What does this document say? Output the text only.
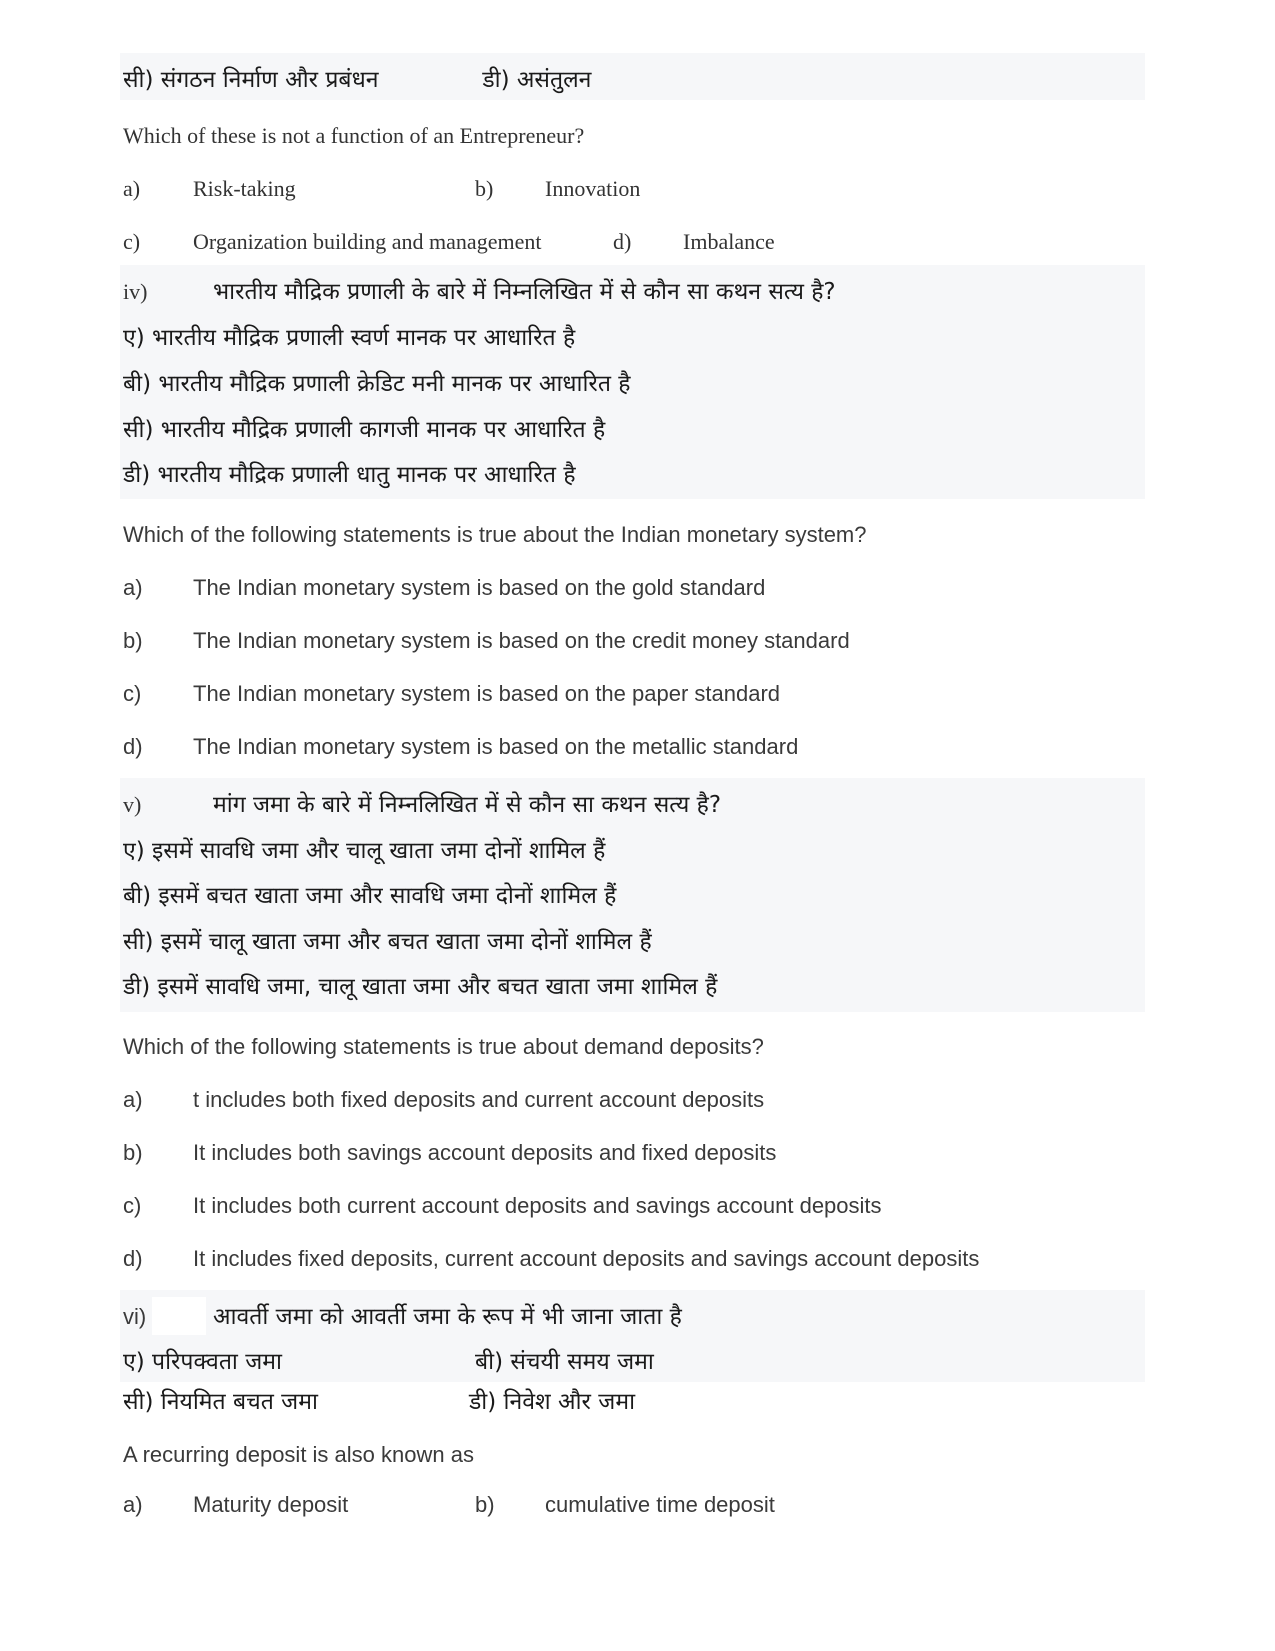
सी) संगठन निर्माण और प्रबंधन	डी) असंतुलन
Which of these is not a function of an Entrepreneur?
a) Risk-taking	b) Innovation
c) Organization building and management	d) Imbalance
iv)	भारतीय मौद्रिक प्रणाली के बारे में निम्नलिखित में से कौन सा कथन सत्य है?
ए) भारतीय मौद्रिक प्रणाली स्वर्ण मानक पर आधारित है
बी) भारतीय मौद्रिक प्रणाली क्रेडिट मनी मानक पर आधारित है
सी) भारतीय मौद्रिक प्रणाली कागजी मानक पर आधारित है
डी) भारतीय मौद्रिक प्रणाली धातु मानक पर आधारित है
Which of the following statements is true about the Indian monetary system?
a) The Indian monetary system is based on the gold standard
b) The Indian monetary system is based on the credit money standard
c) The Indian monetary system is based on the paper standard
d) The Indian monetary system is based on the metallic standard
v)	मांग जमा के बारे में निम्नलिखित में से कौन सा कथन सत्य है?
ए) इसमें सावधि जमा और चालू खाता जमा दोनों शामिल हैं
बी) इसमें बचत खाता जमा और सावधि जमा दोनों शामिल हैं
सी) इसमें चालू खाता जमा और बचत खाता जमा दोनों शामिल हैं
डी) इसमें सावधि जमा, चालू खाता जमा और बचत खाता जमा शामिल हैं
Which of the following statements is true about demand deposits?
a) t includes both fixed deposits and current account deposits
b) It includes both savings account deposits and fixed deposits
c) It includes both current account deposits and savings account deposits
d) It includes fixed deposits, current account deposits and savings account deposits
vi)	आवर्ती जमा को आवर्ती जमा के रूप में भी जाना जाता है
ए) परिपक्वता जमा	बी) संचयी समय जमा
सी) नियमित बचत जमा	डी) निवेश और जमा
A recurring deposit is also known as
a) Maturity deposit	b) cumulative time deposit
